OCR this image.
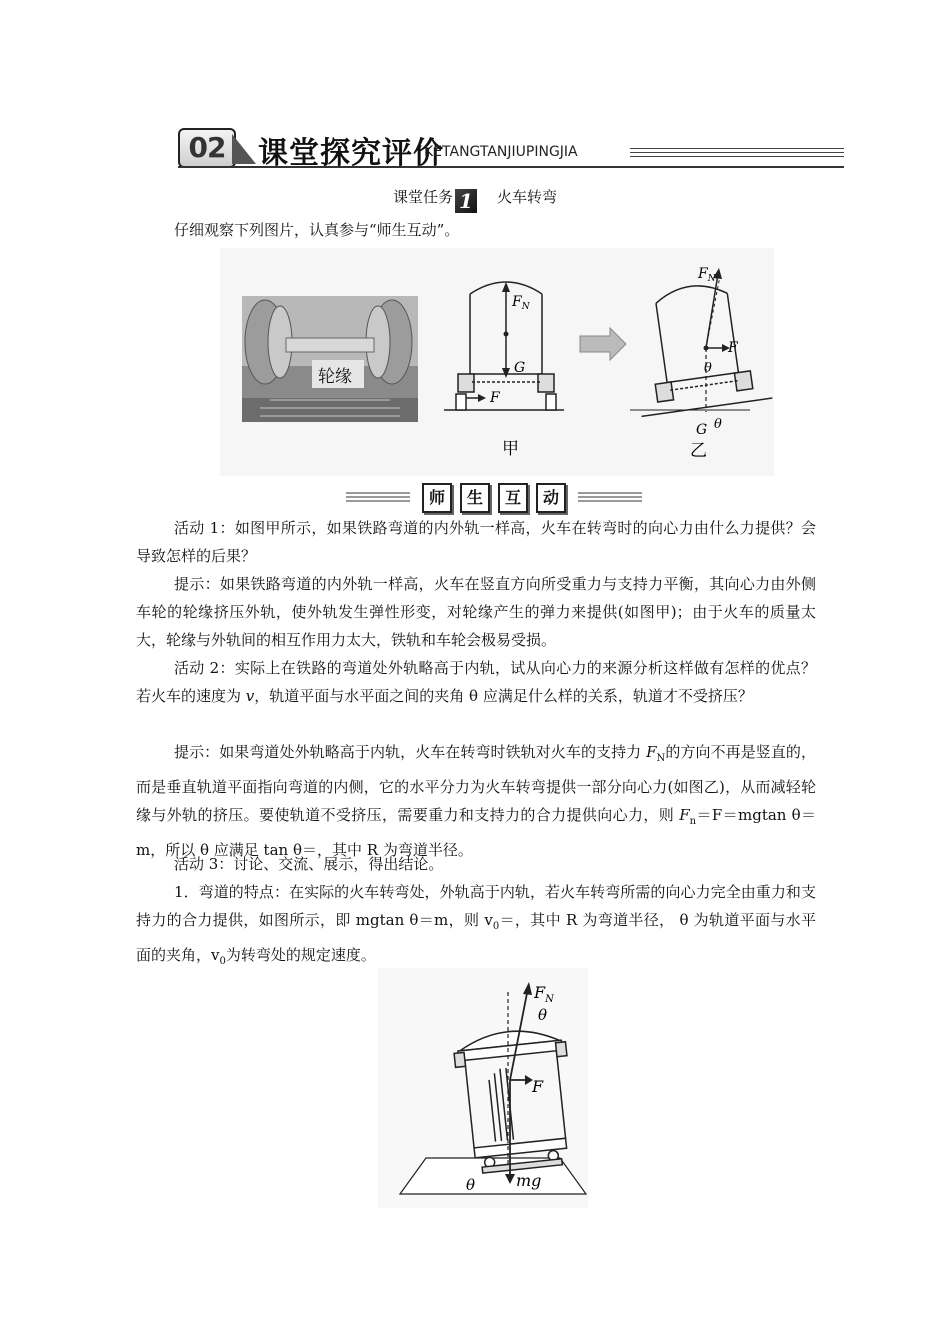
02	课堂探究评价
KETANGTANJIUPINGJIA
课堂任务 1 火车转弯
仔细观察下列图片，认真参与“师生互动”。
轮缘
$F_N$
G
F
甲
$F_N$
F
θ
G θ
乙
师	生	互	动
活动 1：如图甲所示，如果铁路弯道的内外轨一样高，火车在转弯时的向心力由什么力提供？会导致怎样的后果？
提示：如果铁路弯道的内外轨一样高，火车在竖直方向所受重力与支持力平衡，其向心力由外侧车轮的轮缘挤压外轨，使外轨发生弹性形变，对轮缘产生的弹力来提供(如图甲)；由于火车的质量太大，轮缘与外轨间的相互作用力太大，铁轨和车轮会极易受损。
活动 2：实际上在铁路的弯道处外轨略高于内轨，试从向心力的来源分析这样做有怎样的优点？若火车的速度为 v，轨道平面与水平面之间的夹角 θ 应满足什么样的关系，轨道才不受挤压？
提示：如果弯道处外轨略高于内轨，火车在转弯时铁轨对火车的支持力 $F_N$的方向不再是竖直的，而是垂直轨道平面指向弯道的内侧，它的水平分力为火车转弯提供一部分向心力(如图乙)，从而减轻轮缘与外轨的挤压。要使轨道不受挤压，需要重力和支持力的合力提供向心力，则 $F_n=F=mgtan$ θ＝m，所以 θ 应满足 tan θ＝，其中 R 为弯道半径。
活动 3：讨论、交流、展示，得出结论。
1．弯道的特点：在实际的火车转弯处，外轨高于内轨，若火车转弯所需的向心力完全由重力和支持力的合力提供，如图所示，即 mgtan θ＝m，则 $v_0=$，其中 R 为弯道半径， θ 为轨道平面与水平面的夹角，$v_0$为转弯处的规定速度。
$F_N$
θ
F
mg
θ
